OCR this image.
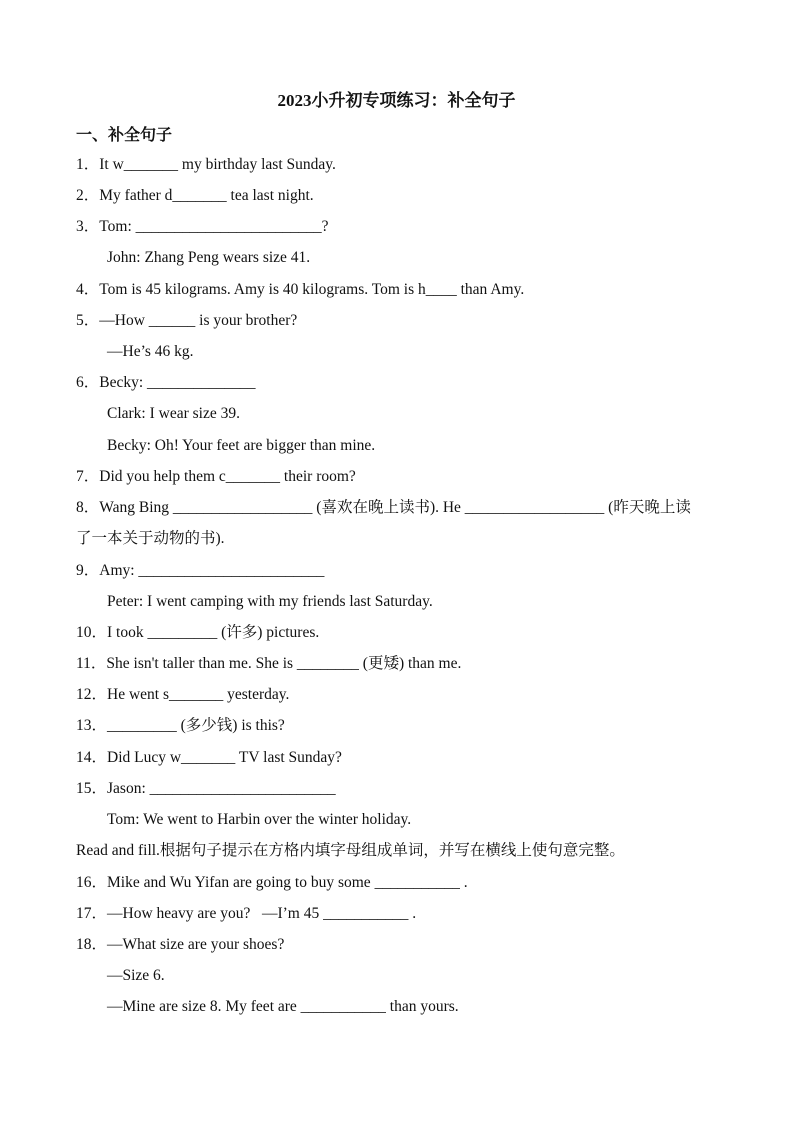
2023小升初专项练习：补全句子
一、补全句子
1．It w_______ my birthday last Sunday.
2．My father d_______ tea last night.
3．Tom: ________________________?
John: Zhang Peng wears size 41.
4．Tom is 45 kilograms. Amy is 40 kilograms. Tom is h____ than Amy.
5．—How ______ is your brother?
—He’s 46 kg.
6．Becky: ______________
Clark: I wear size 39.
Becky: Oh! Your feet are bigger than mine.
7．Did you help them c_______ their room?
8．Wang Bing __________________ (喜欢在晚上读书). He __________________ (昨天晚上读
了一本关于动物的书).
9．Amy: ________________________
Peter: I went camping with my friends last Saturday.
10．I took _________ (许多) pictures.
11．She isn't taller than me. She is ________ (更矮) than me.
12．He went s_______ yesterday.
13．_________ (多少钱) is this?
14．Did Lucy w_______ TV last Sunday?
15．Jason: ________________________
Tom: We went to Harbin over the winter holiday.
Read and fill.根据句子提示在方格内填字母组成单词，并写在横线上使句意完整。
16．Mike and Wu Yifan are going to buy some ___________ .
17．—How heavy are you?   —I’m 45 ___________ .
18．—What size are your shoes?
—Size 6.
—Mine are size 8. My feet are ___________ than yours.
